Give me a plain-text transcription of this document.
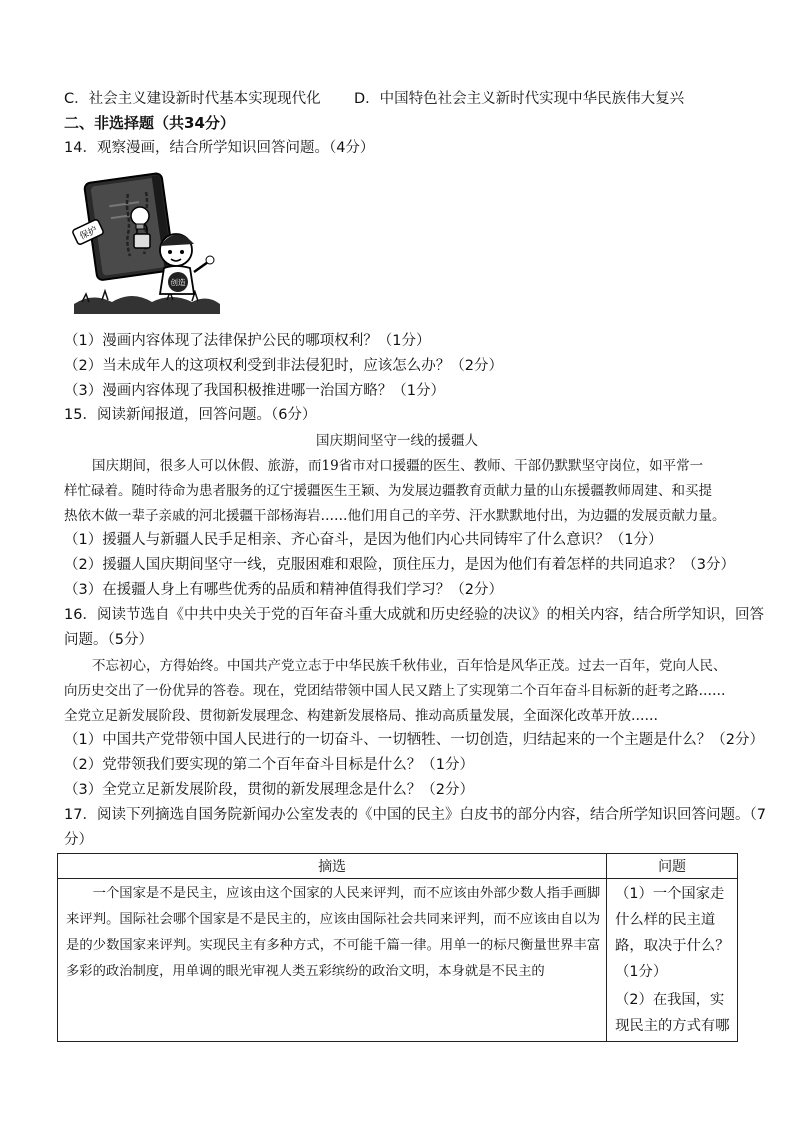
C．社会主义建设新时代基本实现现代化 D．中国特色社会主义新时代实现中华民族伟大复兴
二、非选择题（共34分）
14．观察漫画，结合所学知识回答问题。（4分）
保护
创造
（1）漫画内容体现了法律保护公民的哪项权利？（1分）
（2）当未成年人的这项权利受到非法侵犯时，应该怎么办？（2分）
（3）漫画内容体现了我国积极推进哪一治国方略？（1分）
15．阅读新闻报道，回答问题。（6分）
国庆期间坚守一线的援疆人
国庆期间，很多人可以休假、旅游，而19省市对口援疆的医生、教师、干部仍默默坚守岗位，如平常一
样忙碌着。随时待命为患者服务的辽宁援疆医生王颖、为发展边疆教育贡献力量的山东援疆教师周建、和买提
热依木做一辈子亲戚的河北援疆干部杨海岩……他们用自己的辛劳、汗水默默地付出，为边疆的发展贡献力量。
（1）援疆人与新疆人民手足相亲、齐心奋斗，是因为他们内心共同铸牢了什么意识？（1分）
（2）援疆人国庆期间坚守一线，克服困难和艰险，顶住压力，是因为他们有着怎样的共同追求？（3分）
（3）在援疆人身上有哪些优秀的品质和精神值得我们学习？（2分）
16．阅读节选自《中共中央关于党的百年奋斗重大成就和历史经验的决议》的相关内容，结合所学知识，回答
问题。（5分）
不忘初心，方得始终。中国共产党立志于中华民族千秋伟业，百年恰是风华正茂。过去一百年，党向人民、
向历史交出了一份优异的答卷。现在，党团结带领中国人民又踏上了实现第二个百年奋斗目标新的赶考之路……
全党立足新发展阶段、贯彻新发展理念、构建新发展格局、推动高质量发展，全面深化改革开放……
（1）中国共产党带领中国人民进行的一切奋斗、一切牺牲、一切创造，归结起来的一个主题是什么？（2分）
（2）党带领我们要实现的第二个百年奋斗目标是什么？（1分）
（3）全党立足新发展阶段，贯彻的新发展理念是什么？（2分）
17．阅读下列摘选自国务院新闻办公室发表的《中国的民主》白皮书的部分内容，结合所学知识回答问题。（7
分）
摘选	问题

一个国家是不是民主，应该由这个国家的人民来评判，而不应该由外部少数人指手画脚来评判。国际社会哪个国家是不是民主的，应该由国际社会共同来评判，而不应该由自以为是的少数国家来评判。实现民主有多种方式，不可能千篇一律。用单一的标尺衡量世界丰富多彩的政治制度，用单调的眼光审视人类五彩缤纷的政治文明，本身就是不民主的	（1）一个国家走什么样的民主道路，取决于什么？（1分）
（2）在我国，实现民主的方式有哪
